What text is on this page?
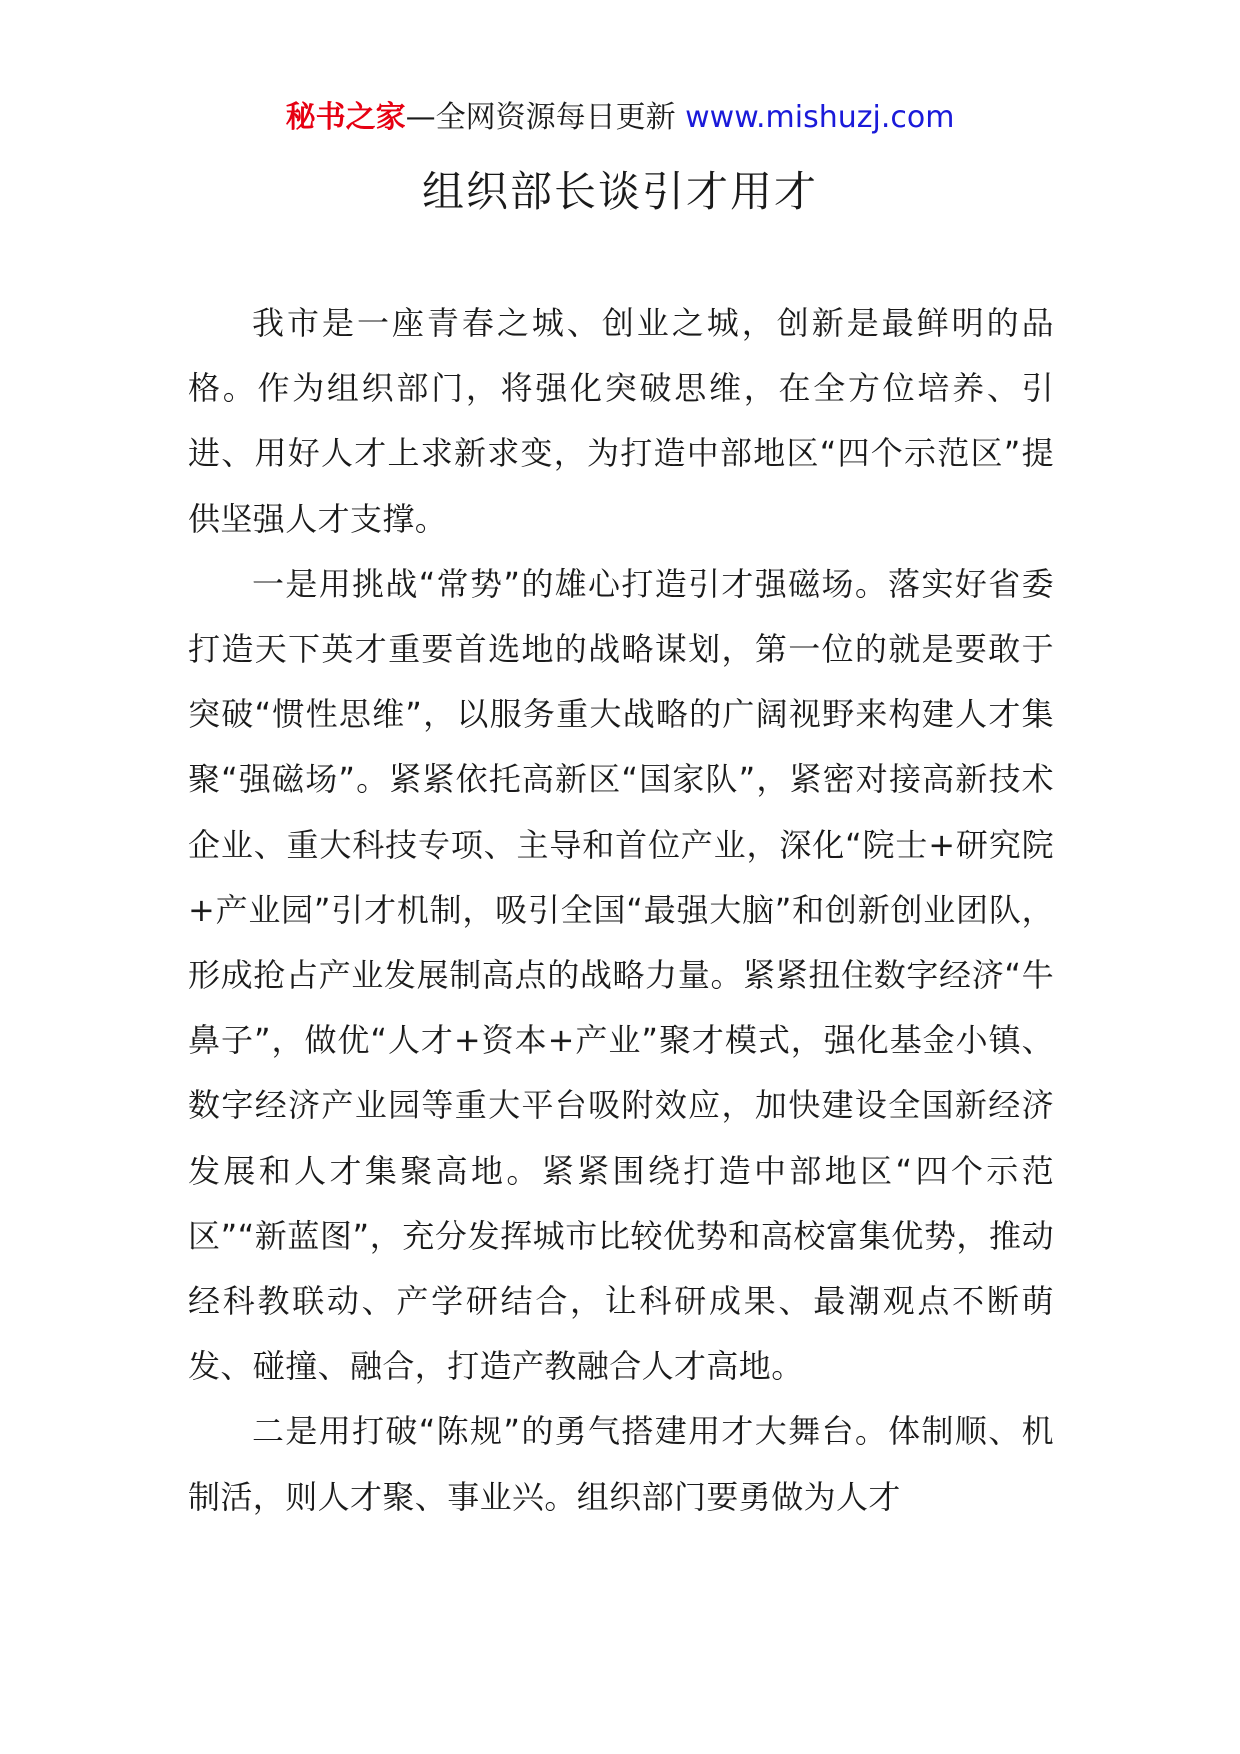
秘书之家—全网资源每日更新 www.mishuzj.com
组织部长谈引才用才

我市是一座青春之城、创业之城，创新是最鲜明的品格。作为组织部门，将强化突破思维，在全方位培养、引进、用好人才上求新求变，为打造中部地区“四个示范区”提供坚强人才支撑。

一是用挑战“常势”的雄心打造引才强磁场。落实好省委打造天下英才重要首选地的战略谋划，第一位的就是要敢于突破“惯性思维”，以服务重大战略的广阔视野来构建人才集聚“强磁场”。紧紧依托高新区“国家队”，紧密对接高新技术企业、重大科技专项、主导和首位产业，深化“院士+研究院+产业园”引才机制，吸引全国“最强大脑”和创新创业团队，形成抢占产业发展制高点的战略力量。紧紧扭住数字经济“牛鼻子”，做优“人才+资本+产业”聚才模式，强化基金小镇、数字经济产业园等重大平台吸附效应，加快建设全国新经济发展和人才集聚高地。紧紧围绕打造中部地区“四个示范区”“新蓝图”，充分发挥城市比较优势和高校富集优势，推动经科教联动、产学研结合，让科研成果、最潮观点不断萌发、碰撞、融合，打造产教融合人才高地。

二是用打破“陈规”的勇气搭建用才大舞台。体制顺、机制活，则人才聚、事业兴。组织部门要勇做为人才
